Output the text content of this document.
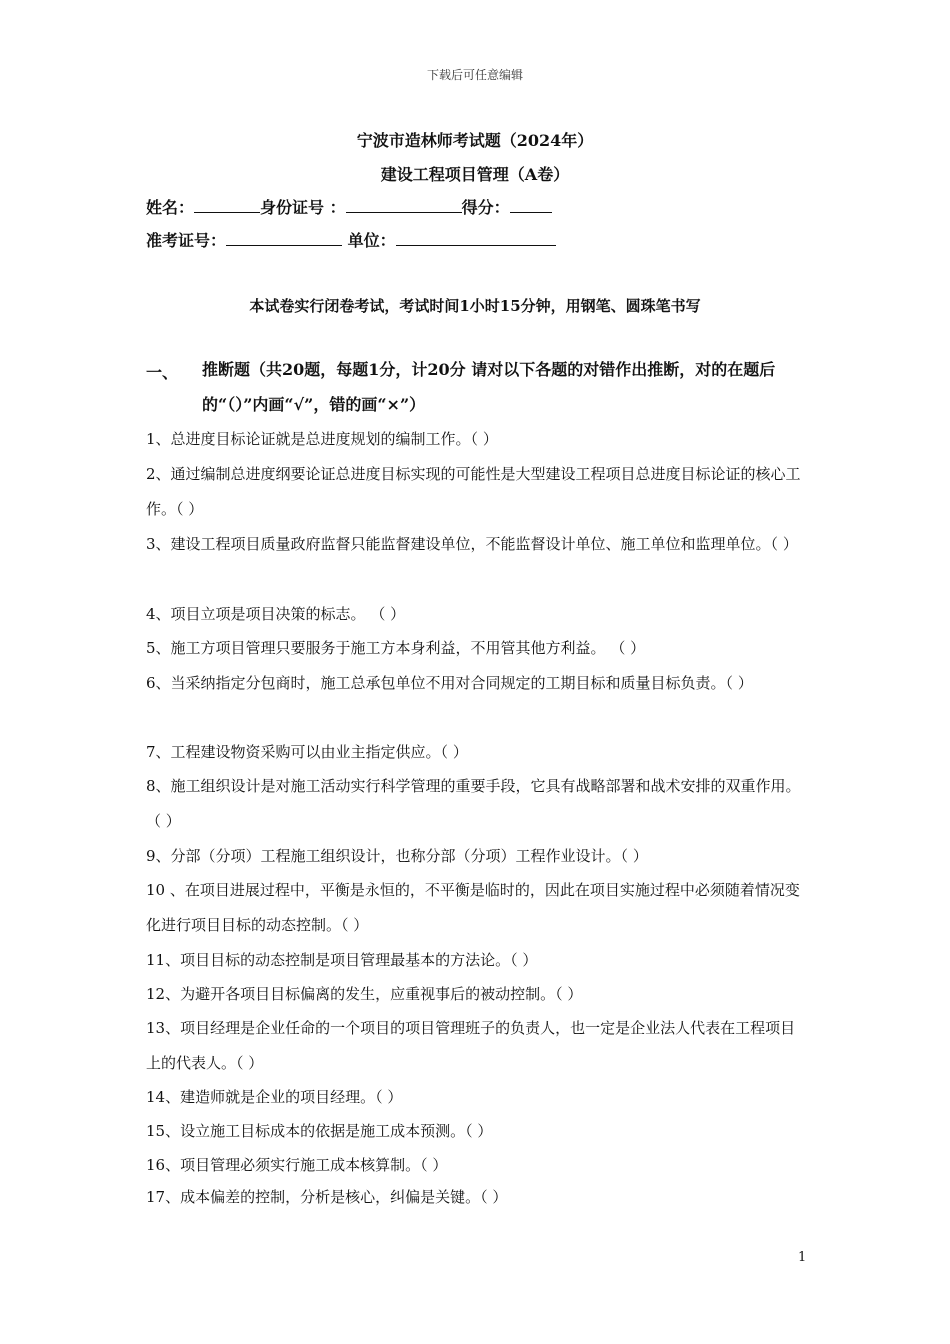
下载后可任意编辑
宁波市造林师考试题（2024年）
建设工程项目管理（A卷）
姓名：	身份证号 ：	得分：
准考证号：	单位：
本试卷实行闭卷考试，考试时间1小时15分钟，用钢笔、圆珠笔书写
一、 推断题（共20题，每题1分，计20分 请对以下各题的对错作出推断，对的在题后的“（）”内画“√”，错的画“×”）
1、总进度目标论证就是总进度规划的编制工作。（ ）
2、通过编制总进度纲要论证总进度目标实现的可能性是大型建设工程项目总进度目标论证的核心工作。（ ）
3、建设工程项目质量政府监督只能监督建设单位，不能监督设计单位、施工单位和监理单位。（ ）
4、项目立项是项目决策的标志。 （ ）
5、施工方项目管理只要服务于施工方本身利益，不用管其他方利益。 （ ）
6、当采纳指定分包商时，施工总承包单位不用对合同规定的工期目标和质量目标负责。（ ）
7、工程建设物资采购可以由业主指定供应。（ ）
8、施工组织设计是对施工活动实行科学管理的重要手段，它具有战略部署和战术安排的双重作用。（ ）
9、分部（分项）工程施工组织设计，也称分部（分项）工程作业设计。（ ）
10 、在项目进展过程中，平衡是永恒的，不平衡是临时的，因此在项目实施过程中必须随着情况变化进行项目目标的动态控制。（ ）
11、项目目标的动态控制是项目管理最基本的方法论。（ ）
12、为避开各项目目标偏离的发生，应重视事后的被动控制。（ ）
13、项目经理是企业任命的一个项目的项目管理班子的负责人，也一定是企业法人代表在工程项目上的代表人。（ ）
14、建造师就是企业的项目经理。（ ）
15、设立施工目标成本的依据是施工成本预测。（ ）
16、项目管理必须实行施工成本核算制。（ ）
17、成本偏差的控制，分析是核心，纠偏是关键。（ ）
1
